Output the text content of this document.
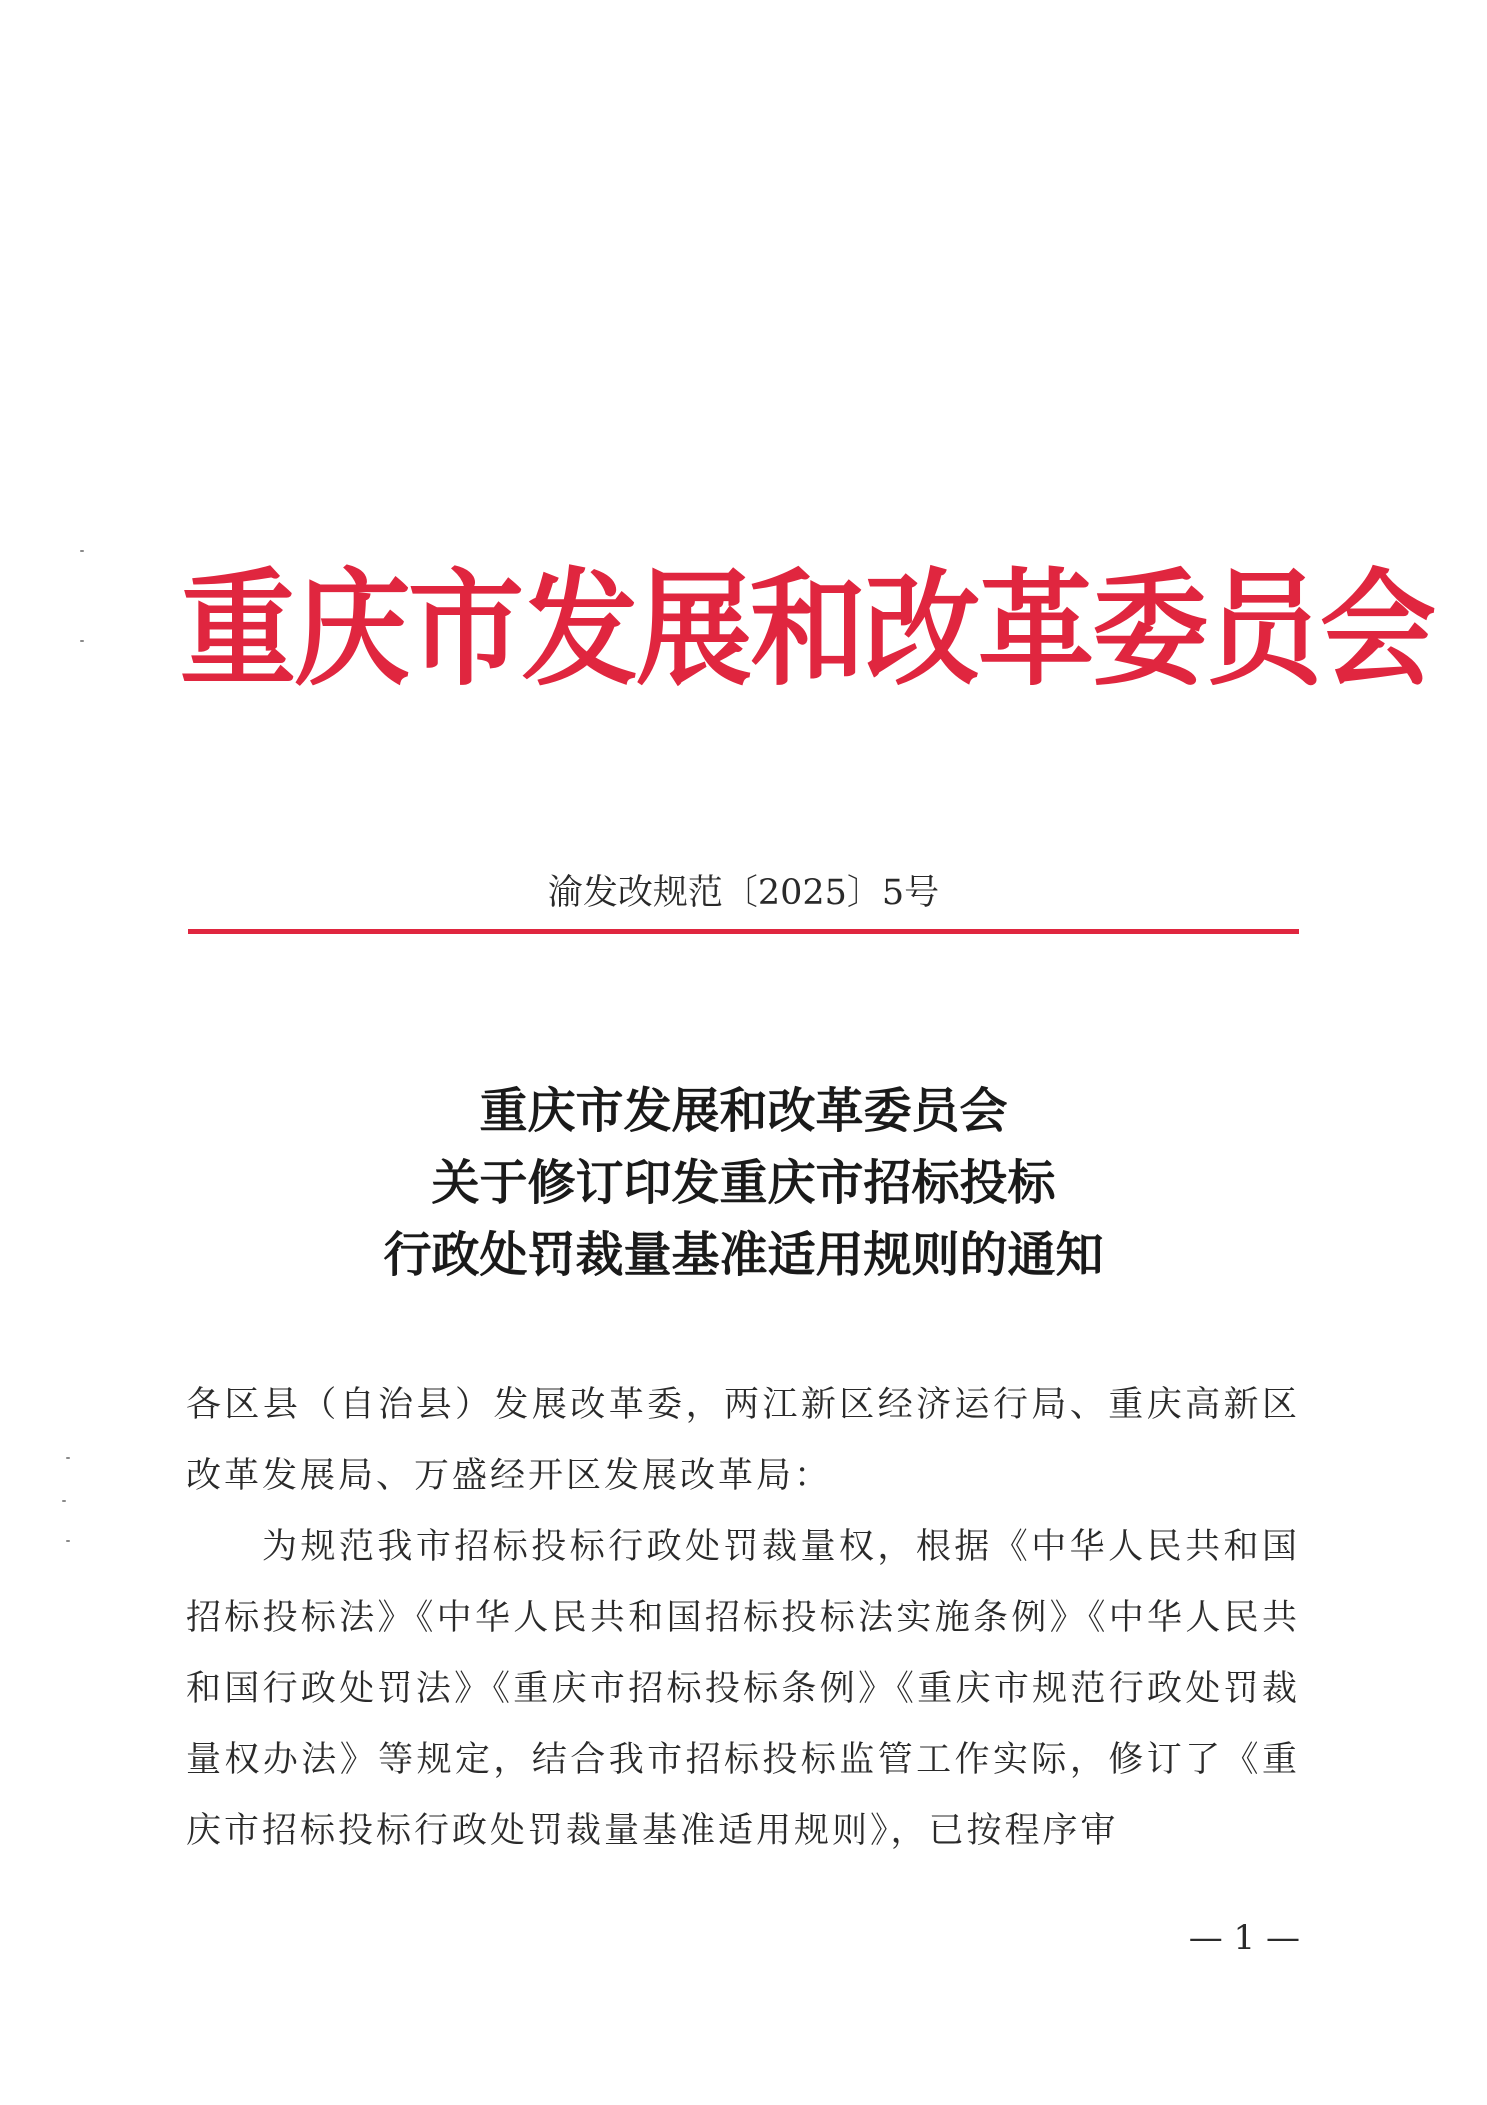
重庆市发展和改革委员会
渝发改规范〔2025〕5号
重庆市发展和改革委员会
关于修订印发重庆市招标投标
行政处罚裁量基准适用规则的通知

各区县（自治县）发展改革委，两江新区经济运行局、重庆高新区改革发展局、万盛经开区发展改革局：

为规范我市招标投标行政处罚裁量权，根据《中华人民共和国招标投标法》《中华人民共和国招标投标法实施条例》《中华人民共和国行政处罚法》《重庆市招标投标条例》《重庆市规范行政处罚裁量权办法》等规定，结合我市招标投标监管工作实际，修订了《重庆市招标投标行政处罚裁量基准适用规则》，已按程序审

— 1 —
